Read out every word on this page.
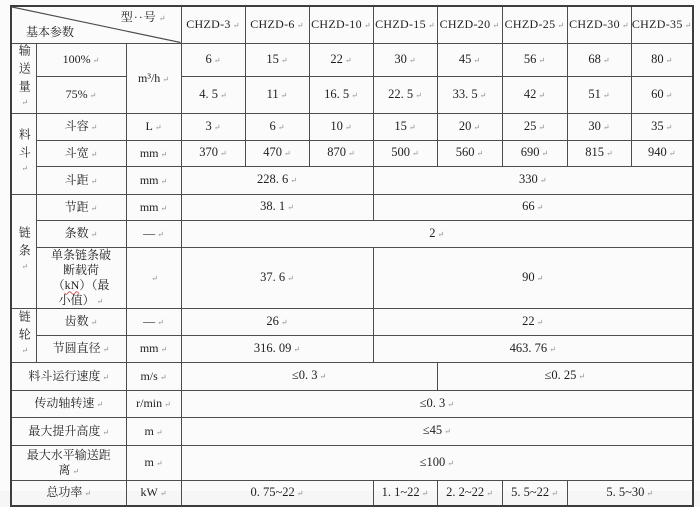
型··号 ↵
基本参数			CHZD-3 ↵	CHZD-6 ↵	CHZD-10 ↵	CHZD-15 ↵	CHZD-20 ↵	CHZD-25 ↵	CHZD-30 ↵	CHZD-35 ↵
输送量 ↵	100% ↵	m³/h ↵	6 ↵	15 ↵	22 ↵	30 ↵	45 ↵	56 ↵	68 ↵	80 ↵
	75% ↵		4. 5 ↵	11 ↵	16. 5 ↵	22. 5 ↵	33. 5 ↵	42 ↵	51 ↵	60 ↵
料斗 ↵	斗容 ↵	L ↵	3 ↵	6 ↵	10 ↵	15 ↵	20 ↵	25 ↵	30 ↵	35 ↵
	斗宽 ↵	mm ↵	370 ↵	470 ↵	870 ↵	500 ↵	560 ↵	690 ↵	815 ↵	940 ↵
	斗距 ↵	mm ↵	228. 6 ↵			330 ↵
链条 ↵	节距 ↵	mm ↵	38. 1 ↵			66 ↵
	条数 ↵	— ↵	2 ↵
	单条链条破断载荷（kN）（最小值） ↵	↵	37. 6 ↵			90 ↵
链轮 ↵	齿数 ↵	— ↵	26 ↵			22 ↵
	节圆直径 ↵	mm ↵	316. 09 ↵			463. 76 ↵
料斗运行速度 ↵		m/s ↵	≤0. 3 ↵				≤0. 25 ↵
传动轴转速 ↵		r/min ↵	≤0. 3 ↵
最大提升高度 ↵		m ↵	≤45 ↵
最大水平输送距离 ↵		m ↵	≤100 ↵
总功率 ↵		kW ↵	0. 75~22 ↵			1. 1~22 ↵	2. 2~22 ↵	5. 5~22 ↵	5. 5~30 ↵
